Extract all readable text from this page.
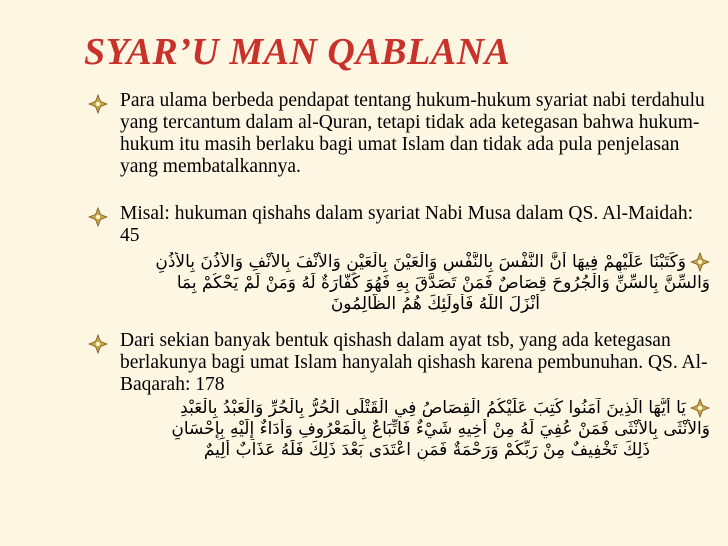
SYAR’U MAN QABLANA
Para ulama berbeda pendapat tentang hukum-hukum syariat nabi terdahulu yang tercantum dalam al-Quran, tetapi tidak ada ketegasan bahwa hukum-hukum itu masih berlaku bagi umat Islam dan tidak ada pula penjelasan yang membatalkannya.
Misal: hukuman qishahs dalam syariat Nabi Musa dalam QS. Al-Maidah: 45
وَكَتَبْنَا عَلَيْهِمْ فِيهَا أَنَّ النَّفْسَ بِالنَّفْسِ وَالْعَيْنَ بِالْعَيْنِ وَالأَنْفَ بِالأَنْفِ وَالأُذُنَ بِالأُذُنِ
وَالسِّنَّ بِالسِّنِّ وَالْجُرُوحَ قِصَاصٌ فَمَنْ تَصَدَّقَ بِهِ فَهُوَ كَفَّارَةٌ لَهُ وَمَنْ لَمْ يَحْكُمْ بِمَا
أَنْزَلَ اللَّهُ فَأُولَئِكَ هُمُ الظَّالِمُونَ
Dari sekian banyak bentuk qishash dalam ayat tsb, yang ada ketegasan berlakunya bagi umat Islam hanyalah qishash karena pembunuhan. QS. Al-Baqarah: 178
يَا أَيُّهَا الَّذِينَ آمَنُوا كُتِبَ عَلَيْكُمُ الْقِصَاصُ فِي الْقَتْلَى الْحُرُّ بِالْحُرِّ وَالْعَبْدُ بِالْعَبْدِ
وَالأُنْثَى بِالأُنْثَى فَمَنْ عُفِيَ لَهُ مِنْ أَخِيهِ شَيْءٌ فَاتِّبَاعٌ بِالْمَعْرُوفِ وَأَدَاءٌ إِلَيْهِ بِإِحْسَانٍ
ذَلِكَ تَخْفِيفٌ مِنْ رَبِّكُمْ وَرَحْمَةٌ فَمَنِ اعْتَدَى بَعْدَ ذَلِكَ فَلَهُ عَذَابٌ أَلِيمٌ
